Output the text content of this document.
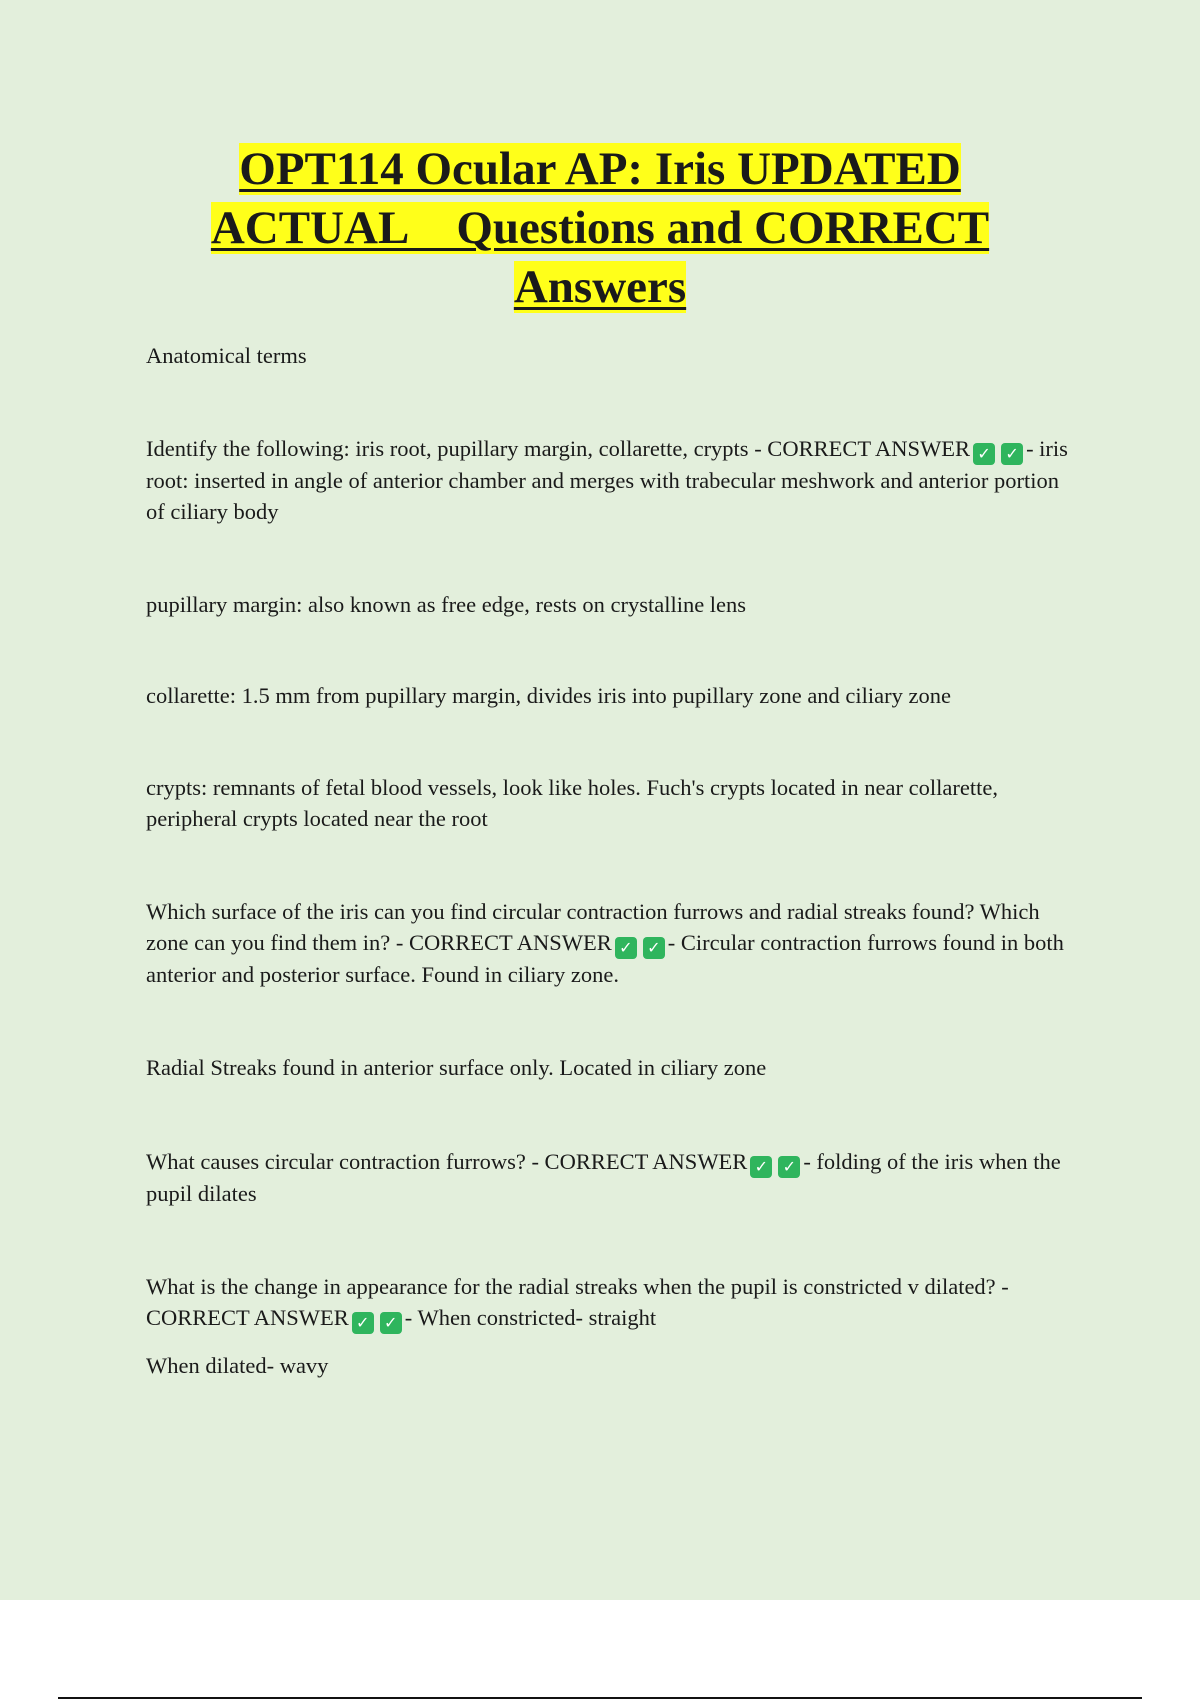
OPT114 Ocular AP: Iris UPDATED
ACTUAL    Questions and CORRECT
Answers

Anatomical terms

Identify the following: iris root, pupillary margin, collarette, crypts - CORRECT ANSWER ✓ ✓ - iris root: inserted in angle of anterior chamber and merges with trabecular meshwork and anterior portion of ciliary body

pupillary margin: also known as free edge, rests on crystalline lens

collarette: 1.5 mm from pupillary margin, divides iris into pupillary zone and ciliary zone

crypts: remnants of fetal blood vessels, look like holes. Fuch's crypts located in near collarette, peripheral crypts located near the root

Which surface of the iris can you find circular contraction furrows and radial streaks found? Which zone can you find them in? - CORRECT ANSWER ✓ ✓ - Circular contraction furrows found in both anterior and posterior surface. Found in ciliary zone.

Radial Streaks found in anterior surface only. Located in ciliary zone

What causes circular contraction furrows? - CORRECT ANSWER ✓ ✓ - folding of the iris when the pupil dilates

What is the change in appearance for the radial streaks when the pupil is constricted v dilated? - CORRECT ANSWER ✓ ✓ - When constricted- straight

When dilated- wavy
